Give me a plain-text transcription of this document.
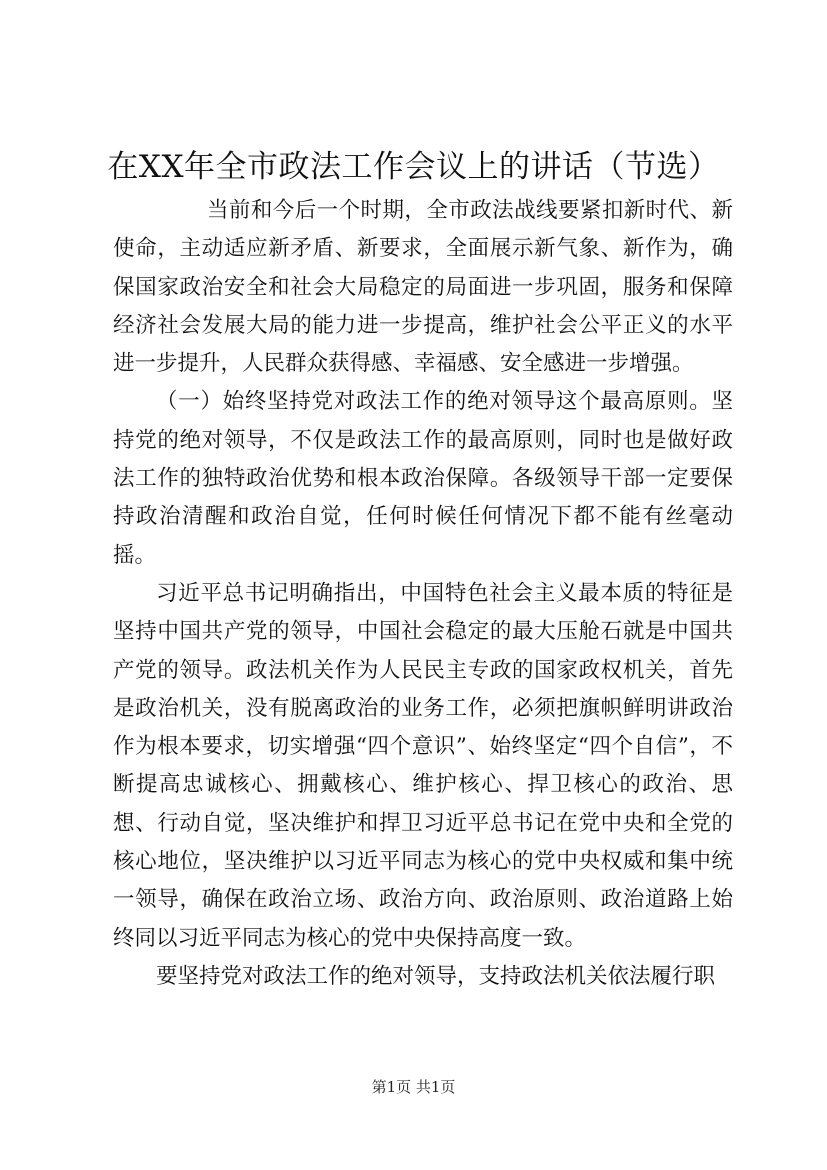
在XX年全市政法工作会议上的讲话（节选）

当前和今后一个时期，全市政法战线要紧扣新时代、新使命，主动适应新矛盾、新要求，全面展示新气象、新作为，确保国家政治安全和社会大局稳定的局面进一步巩固，服务和保障经济社会发展大局的能力进一步提高，维护社会公平正义的水平进一步提升，人民群众获得感、幸福感、安全感进一步增强。

（一）始终坚持党对政法工作的绝对领导这个最高原则。坚持党的绝对领导，不仅是政法工作的最高原则，同时也是做好政法工作的独特政治优势和根本政治保障。各级领导干部一定要保持政治清醒和政治自觉，任何时候任何情况下都不能有丝毫动摇。

习近平总书记明确指出，中国特色社会主义最本质的特征是坚持中国共产党的领导，中国社会稳定的最大压舱石就是中国共产党的领导。政法机关作为人民民主专政的国家政权机关，首先是政治机关，没有脱离政治的业务工作，必须把旗帜鲜明讲政治作为根本要求，切实增强“四个意识”、始终坚定“四个自信”，不断提高忠诚核心、拥戴核心、维护核心、捍卫核心的政治、思想、行动自觉，坚决维护和捍卫习近平总书记在党中央和全党的核心地位，坚决维护以习近平同志为核心的党中央权威和集中统一领导，确保在政治立场、政治方向、政治原则、政治道路上始终同以习近平同志为核心的党中央保持高度一致。

要坚持党对政法工作的绝对领导，支持政法机关依法履行职

第1页 共1页
